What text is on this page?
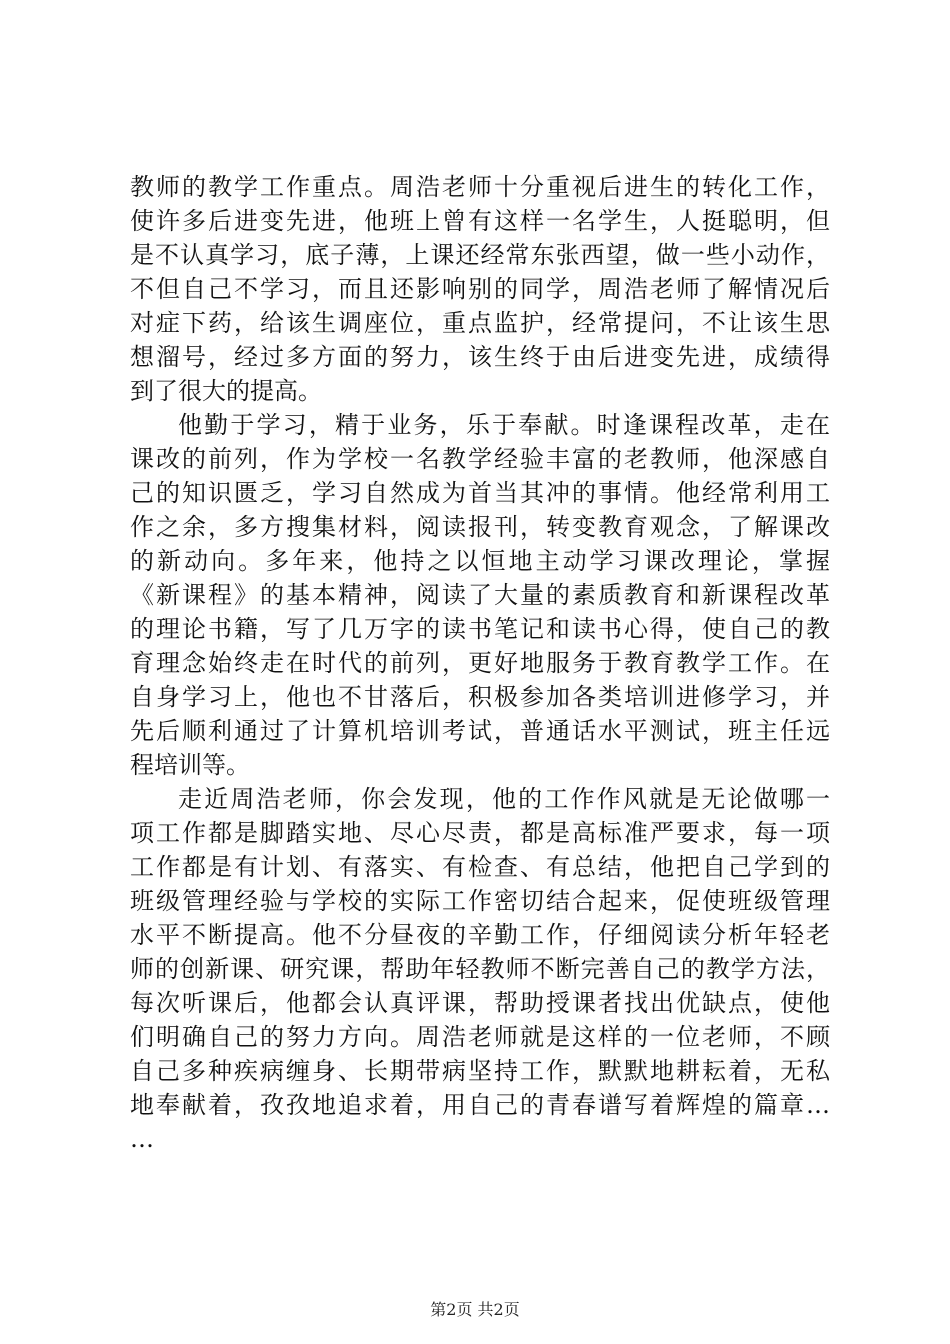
教师的教学工作重点。周浩老师十分重视后进生的转化工作，
使许多后进变先进，他班上曾有这样一名学生，人挺聪明，但
是不认真学习，底子薄，上课还经常东张西望，做一些小动作，
不但自己不学习，而且还影响别的同学，周浩老师了解情况后
对症下药，给该生调座位，重点监护，经常提问，不让该生思
想溜号，经过多方面的努力，该生终于由后进变先进，成绩得
到了很大的提高。
他勤于学习，精于业务，乐于奉献。时逢课程改革，走在
课改的前列，作为学校一名教学经验丰富的老教师，他深感自
己的知识匮乏，学习自然成为首当其冲的事情。他经常利用工
作之余，多方搜集材料，阅读报刊，转变教育观念，了解课改
的新动向。多年来，他持之以恒地主动学习课改理论，掌握
《新课程》的基本精神，阅读了大量的素质教育和新课程改革
的理论书籍，写了几万字的读书笔记和读书心得，使自己的教
育理念始终走在时代的前列，更好地服务于教育教学工作。在
自身学习上，他也不甘落后，积极参加各类培训进修学习，并
先后顺利通过了计算机培训考试，普通话水平测试，班主任远
程培训等。
走近周浩老师，你会发现，他的工作作风就是无论做哪一
项工作都是脚踏实地、尽心尽责，都是高标准严要求，每一项
工作都是有计划、有落实、有检查、有总结，他把自己学到的
班级管理经验与学校的实际工作密切结合起来，促使班级管理
水平不断提高。他不分昼夜的辛勤工作，仔细阅读分析年轻老
师的创新课、研究课，帮助年轻教师不断完善自己的教学方法，
每次听课后，他都会认真评课，帮助授课者找出优缺点，使他
们明确自己的努力方向。周浩老师就是这样的一位老师，不顾
自己多种疾病缠身、长期带病坚持工作，默默地耕耘着，无私
地奉献着，孜孜地追求着，用自己的青春谱写着辉煌的篇章…
…
第2页 共2页
